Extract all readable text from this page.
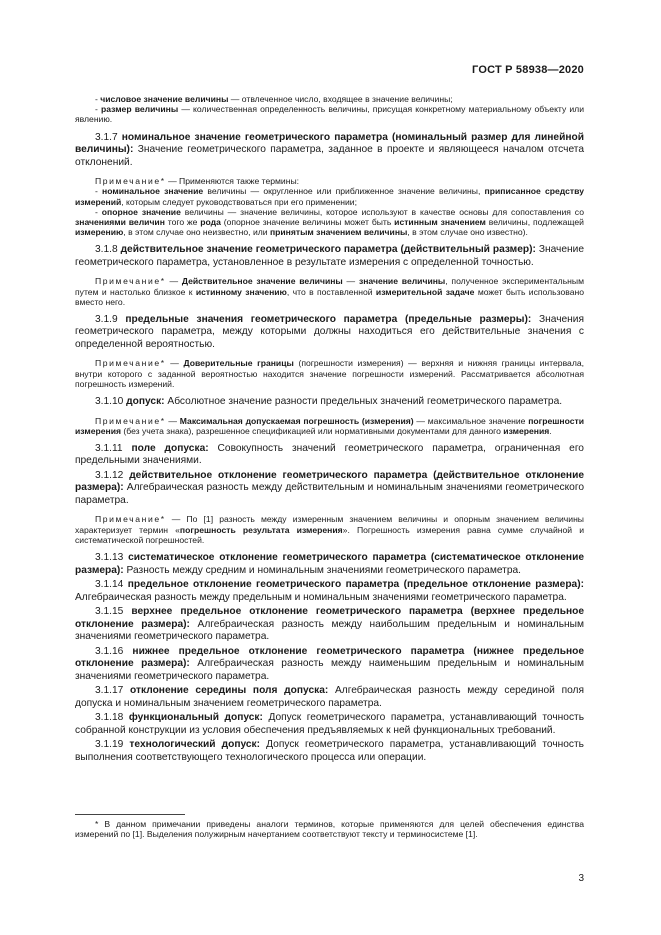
ГОСТ Р 58938—2020

- числовое значение величины — отвлеченное число, входящее в значение величины;

- размер величины — количественная определенность величины, присущая конкретному материальному объекту или явлению.

3.1.7 номинальное значение геометрического параметра (номинальный размер для линейной величины): Значение геометрического параметра, заданное в проекте и являющееся началом отсчета отклонений.

Примечание* — Применяются также термины:

- номинальное значение величины — округленное или приближенное значение величины, приписанное средству измерений, которым следует руководствоваться при его применении;

- опорное значение величины — значение величины, которое используют в качестве основы для сопоставления со значениями величин того же рода (опорное значение величины может быть истинным значением величины, подлежащей измерению, в этом случае оно неизвестно, или принятым значением величины, в этом случае оно известно).

3.1.8 действительное значение геометрического параметра (действительный размер): Значение геометрического параметра, установленное в результате измерения с определенной точностью.

Примечание* — Действительное значение величины — значение величины, полученное экспериментальным путем и настолько близкое к истинному значению, что в поставленной измерительной задаче может быть использовано вместо него.

3.1.9 предельные значения геометрического параметра (предельные размеры): Значения геометрического параметра, между которыми должны находиться его действительные значения с определенной вероятностью.

Примечание* — Доверительные границы (погрешности измерения) — верхняя и нижняя границы интервала, внутри которого с заданной вероятностью находится значение погрешности измерений. Рассматривается абсолютная погрешность измерений.

3.1.10 допуск: Абсолютное значение разности предельных значений геометрического параметра.

Примечание* — Максимальная допускаемая погрешность (измерения) — максимальное значение погрешности измерения (без учета знака), разрешенное спецификацией или нормативными документами для данного измерения.

3.1.11 поле допуска: Совокупность значений геометрического параметра, ограниченная его предельными значениями.

3.1.12 действительное отклонение геометрического параметра (действительное отклонение размера): Алгебраическая разность между действительным и номинальным значениями геометрического параметра.

Примечание* — По [1] разность между измеренным значением величины и опорным значением величины характеризует термин «погрешность результата измерения». Погрешность измерения равна сумме случайной и систематической погрешностей.

3.1.13 систематическое отклонение геометрического параметра (систематическое отклонение размера): Разность между средним и номинальным значениями геометрического параметра.

3.1.14 предельное отклонение геометрического параметра (предельное отклонение размера): Алгебраическая разность между предельным и номинальным значениями геометрического параметра.

3.1.15 верхнее предельное отклонение геометрического параметра (верхнее предельное отклонение размера): Алгебраическая разность между наибольшим предельным и номинальным значениями геометрического параметра.

3.1.16 нижнее предельное отклонение геометрического параметра (нижнее предельное отклонение размера): Алгебраическая разность между наименьшим предельным и номинальным значениями геометрического параметра.

3.1.17 отклонение середины поля допуска: Алгебраическая разность между серединой поля допуска и номинальным значением геометрического параметра.

3.1.18 функциональный допуск: Допуск геометрического параметра, устанавливающий точность собранной конструкции из условия обеспечения предъявляемых к ней функциональных требований.

3.1.19 технологический допуск: Допуск геометрического параметра, устанавливающий точность выполнения соответствующего технологического процесса или операции.

* В данном примечании приведены аналоги терминов, которые применяются для целей обеспечения единства измерений по [1]. Выделения полужирным начертанием соответствуют тексту и терминосистеме [1].

3
